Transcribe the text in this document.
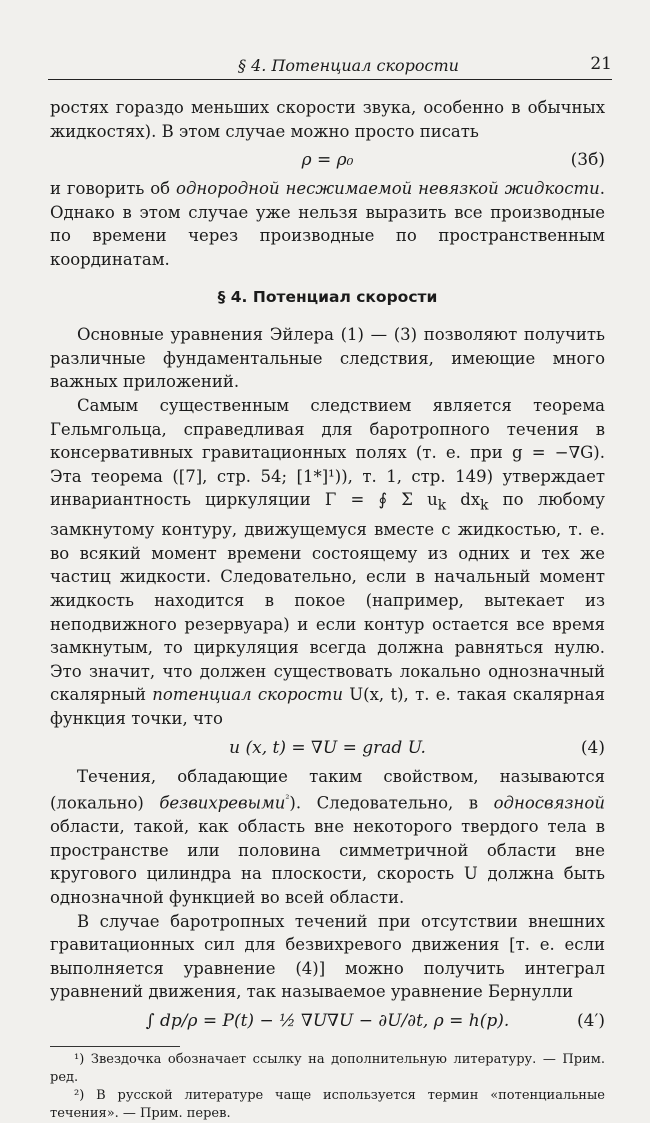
§ 4. Потенциал скорости	21

ростях гораздо меньших скорости звука, особенно в обычных жидкостях). В этом случае можно просто писать

ρ = ρ₀	(3б)

и говорить об однородной несжимаемой невязкой жидкости. Однако в этом случае уже нельзя выразить все производные по времени через производные по пространственным координатам.

§ 4. Потенциал скорости

Основные уравнения Эйлера (1) — (3) позволяют получить различные фундаментальные следствия, имеющие много важных приложений.

Самым существенным следствием является теорема Гельмгольца, справедливая для баротропного течения в консервативных гравитационных полях (т. е. при g = −∇G). Эта теорема ([7], стр. 54; [1*]¹)), т. 1, стр. 149) утверждает инвариантность циркуляции Γ = ∮ Σ $u_k$ $dx_k$ по любому замкнутому контуру, движущемуся вместе с жидкостью, т. е. во всякий момент времени состоящему из одних и тех же частиц жидкости. Следовательно, если в начальный момент жидкость находится в покое (например, вытекает из неподвижного резервуара) и если контур остается все время замкнутым, то циркуляция всегда должна равняться нулю. Это значит, что должен существовать локально однозначный скалярный потенциал скорости U(x, t), т. е. такая скалярная функция точки, что

u (x, t) = ∇U = grad U.	(4)

Течения, обладающие таким свойством, называются (локально) безвихревыми$^{^2}$). Следовательно, в односвязной области, такой, как область вне некоторого твердого тела в пространстве или половина симметричной области вне кругового цилиндра на плоскости, скорость U должна быть однозначной функцией во всей области.

В случае баротропных течений при отсутствии внешних гравитационных сил для безвихревого движения [т. е. если выполняется уравнение (4)] можно получить интеграл уравнений движения, так называемое уравнение Бернулли

∫ dp/ρ = P(t) − ½ ∇U∇U − ∂U/∂t, ρ = h(p).	(4′)

¹) Звездочка обозначает ссылку на дополнительную литературу. — Прим. ред.

²) В русской литературе чаще используется термин «потенциальные течения». — Прим. перев.
